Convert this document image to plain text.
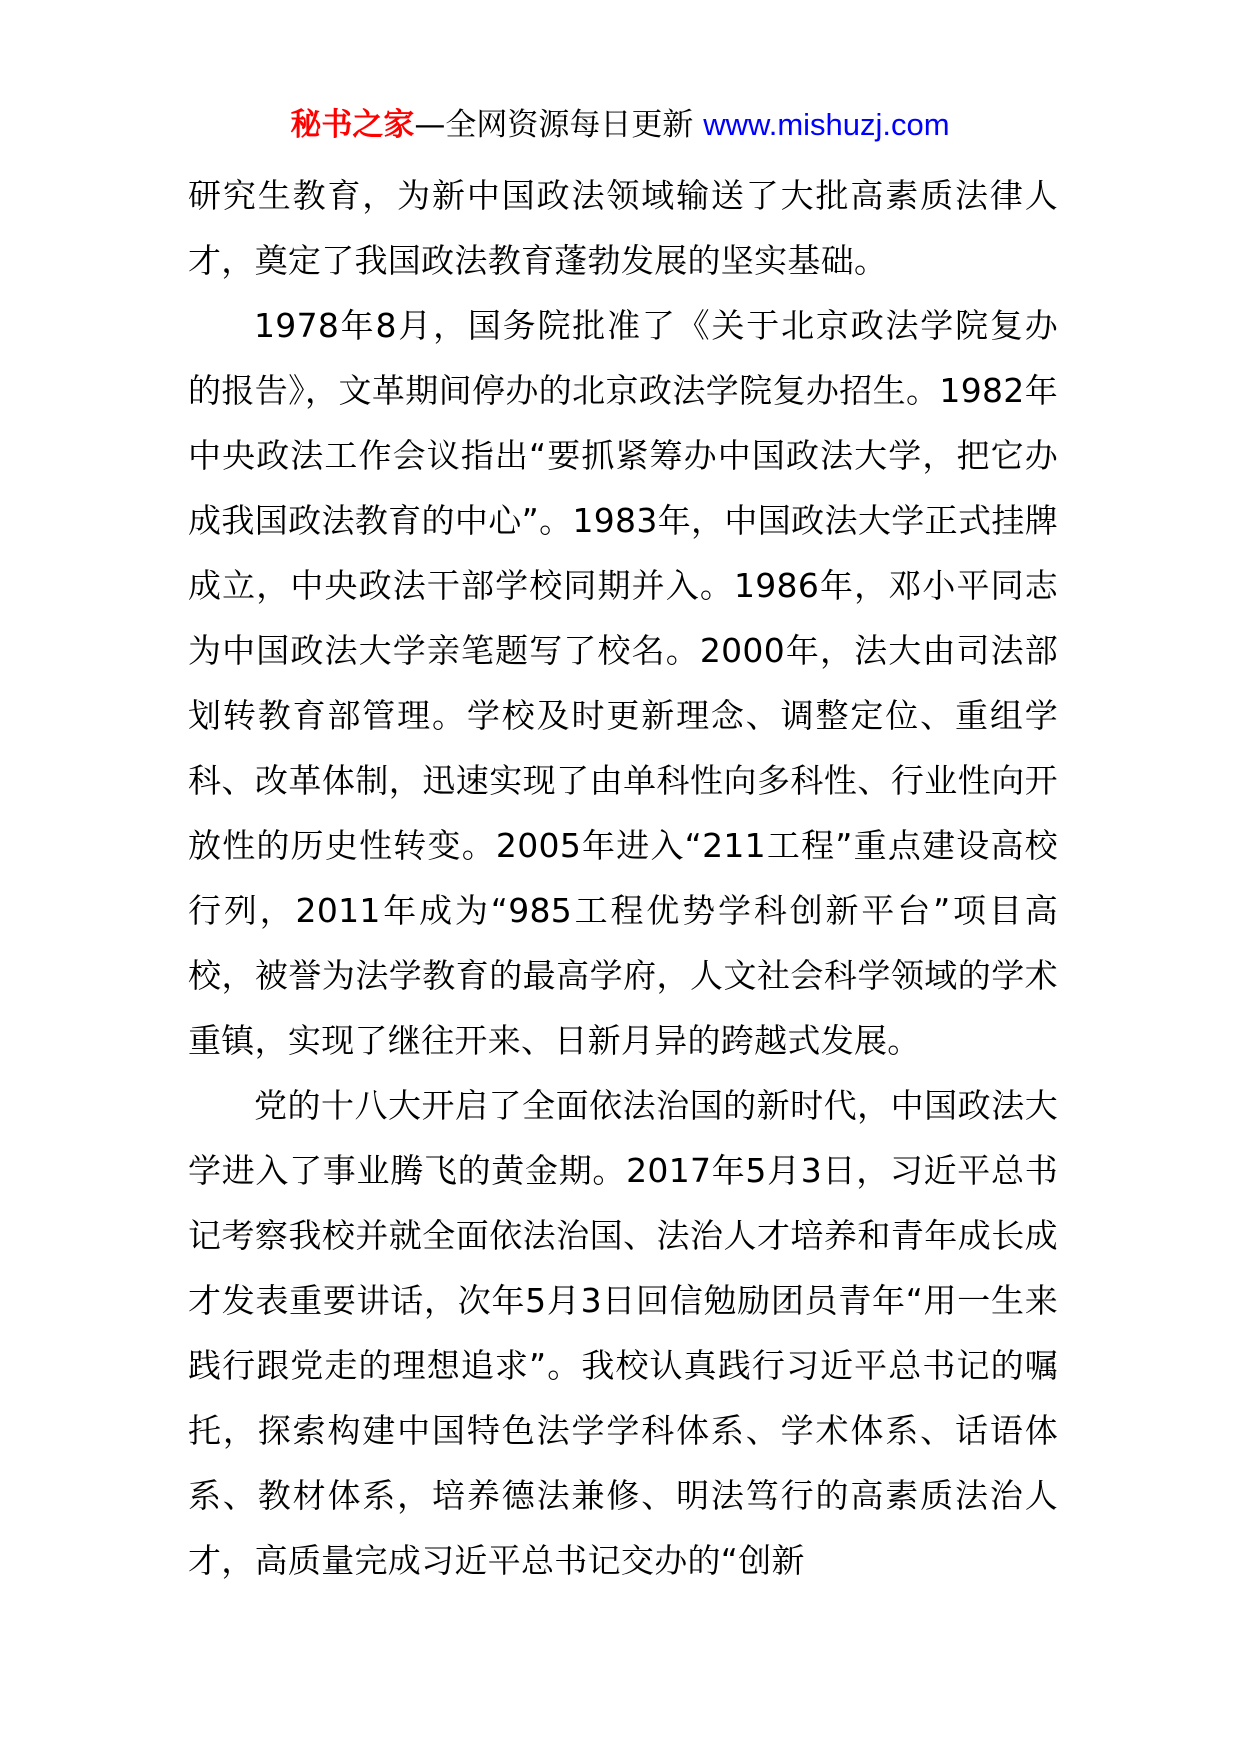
秘书之家—全网资源每日更新 www.mishuzj.com

研究生教育，为新中国政法领域输送了大批高素质法律人才，奠定了我国政法教育蓬勃发展的坚实基础。

1978年8月，国务院批准了《关于北京政法学院复办的报告》，文革期间停办的北京政法学院复办招生。1982年中央政法工作会议指出“要抓紧筹办中国政法大学，把它办成我国政法教育的中心”。1983年，中国政法大学正式挂牌成立，中央政法干部学校同期并入。1986年，邓小平同志为中国政法大学亲笔题写了校名。2000年，法大由司法部划转教育部管理。学校及时更新理念、调整定位、重组学科、改革体制，迅速实现了由单科性向多科性、行业性向开放性的历史性转变。2005年进入“211工程”重点建设高校行列，2011年成为“985工程优势学科创新平台”项目高校，被誉为法学教育的最高学府，人文社会科学领域的学术重镇，实现了继往开来、日新月异的跨越式发展。

党的十八大开启了全面依法治国的新时代，中国政法大学进入了事业腾飞的黄金期。2017年5月3日，习近平总书记考察我校并就全面依法治国、法治人才培养和青年成长成才发表重要讲话，次年5月3日回信勉励团员青年“用一生来践行跟党走的理想追求”。我校认真践行习近平总书记的嘱托，探索构建中国特色法学学科体系、学术体系、话语体系、教材体系，培养德法兼修、明法笃行的高素质法治人才，高质量完成习近平总书记交办的“创新
